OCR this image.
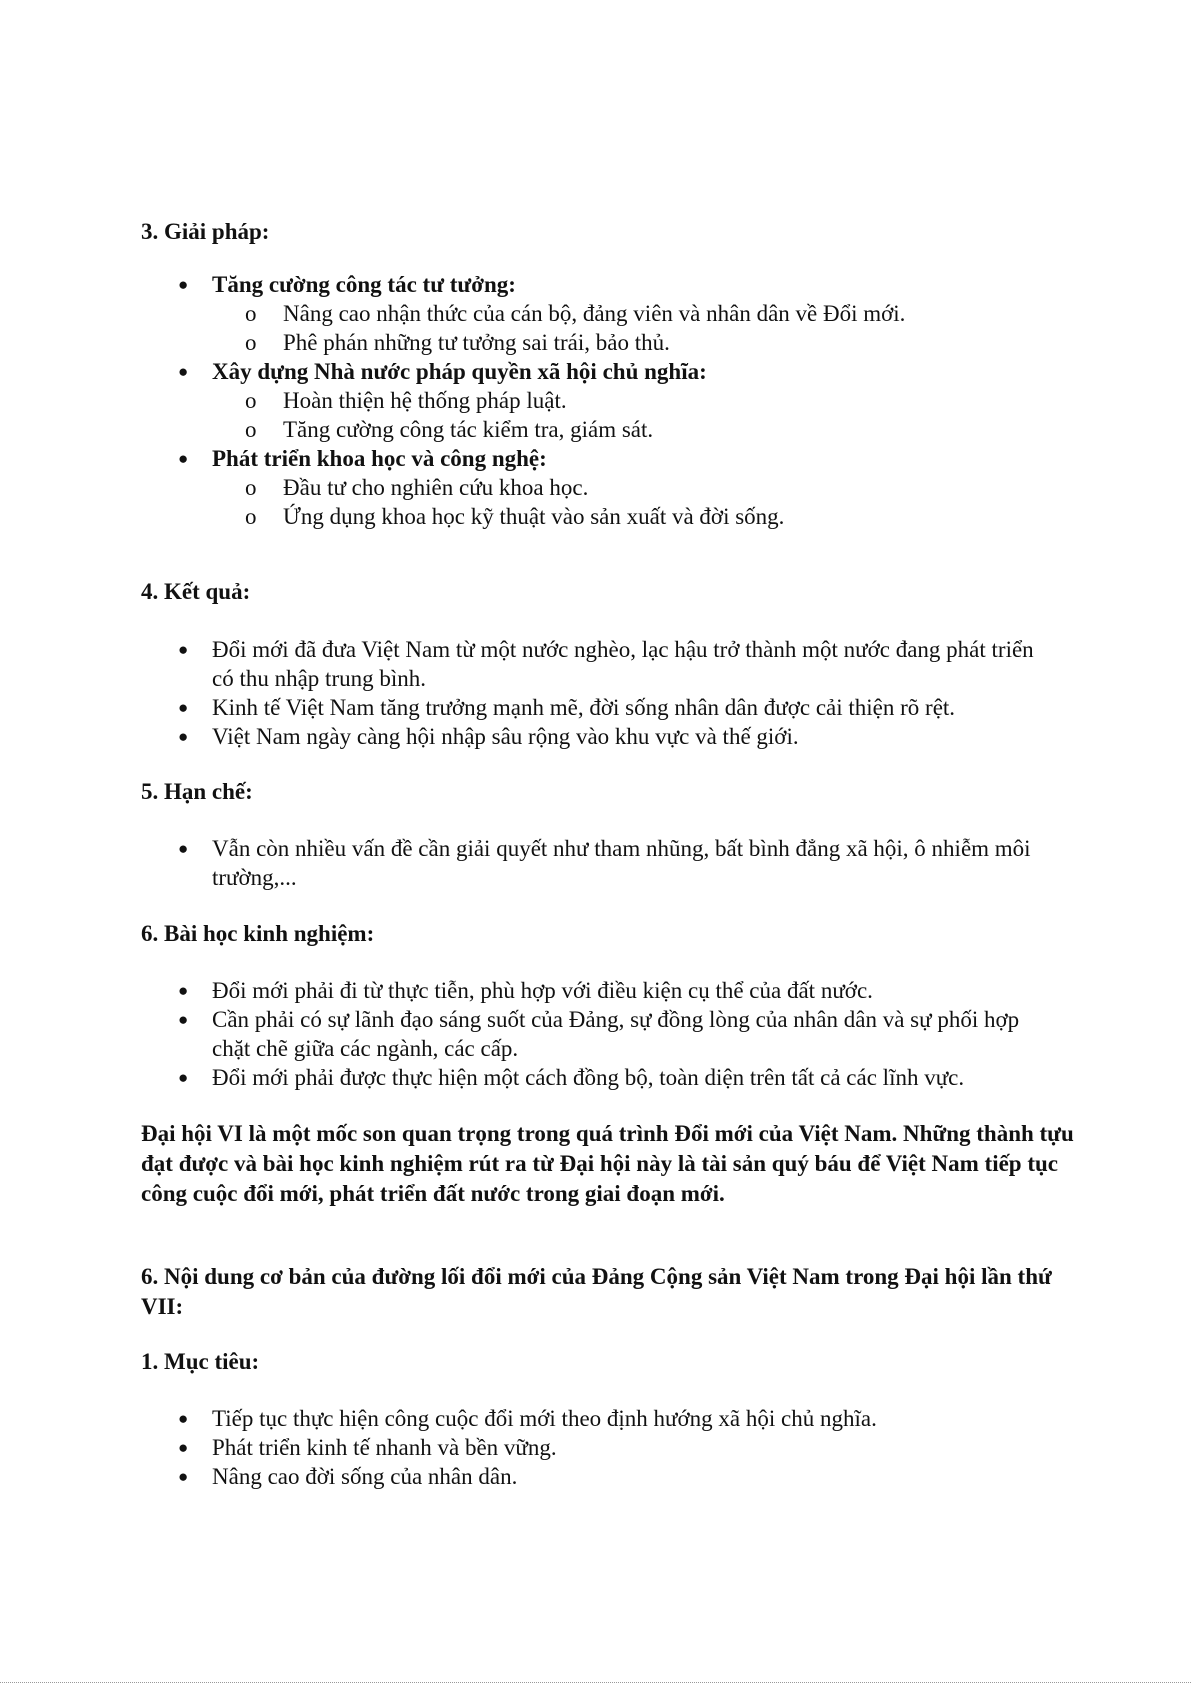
3. Giải pháp:

● Tăng cường công tác tư tưởng:
o Nâng cao nhận thức của cán bộ, đảng viên và nhân dân về Đổi mới.
o Phê phán những tư tưởng sai trái, bảo thủ.
● Xây dựng Nhà nước pháp quyền xã hội chủ nghĩa:
o Hoàn thiện hệ thống pháp luật.
o Tăng cường công tác kiểm tra, giám sát.
● Phát triển khoa học và công nghệ:
o Đầu tư cho nghiên cứu khoa học.
o Ứng dụng khoa học kỹ thuật vào sản xuất và đời sống.

4. Kết quả:

● Đổi mới đã đưa Việt Nam từ một nước nghèo, lạc hậu trở thành một nước đang phát triển có thu nhập trung bình.
● Kinh tế Việt Nam tăng trưởng mạnh mẽ, đời sống nhân dân được cải thiện rõ rệt.
● Việt Nam ngày càng hội nhập sâu rộng vào khu vực và thế giới.

5. Hạn chế:

● Vẫn còn nhiều vấn đề cần giải quyết như tham nhũng, bất bình đẳng xã hội, ô nhiễm môi trường,...

6. Bài học kinh nghiệm:

● Đổi mới phải đi từ thực tiễn, phù hợp với điều kiện cụ thể của đất nước.
● Cần phải có sự lãnh đạo sáng suốt của Đảng, sự đồng lòng của nhân dân và sự phối hợp chặt chẽ giữa các ngành, các cấp.
● Đổi mới phải được thực hiện một cách đồng bộ, toàn diện trên tất cả các lĩnh vực.

Đại hội VI là một mốc son quan trọng trong quá trình Đổi mới của Việt Nam. Những thành tựu đạt được và bài học kinh nghiệm rút ra từ Đại hội này là tài sản quý báu để Việt Nam tiếp tục công cuộc đổi mới, phát triển đất nước trong giai đoạn mới.

6. Nội dung cơ bản của đường lối đổi mới của Đảng Cộng sản Việt Nam trong Đại hội lần thứ VII:

1. Mục tiêu:

● Tiếp tục thực hiện công cuộc đổi mới theo định hướng xã hội chủ nghĩa.
● Phát triển kinh tế nhanh và bền vững.
● Nâng cao đời sống của nhân dân.
